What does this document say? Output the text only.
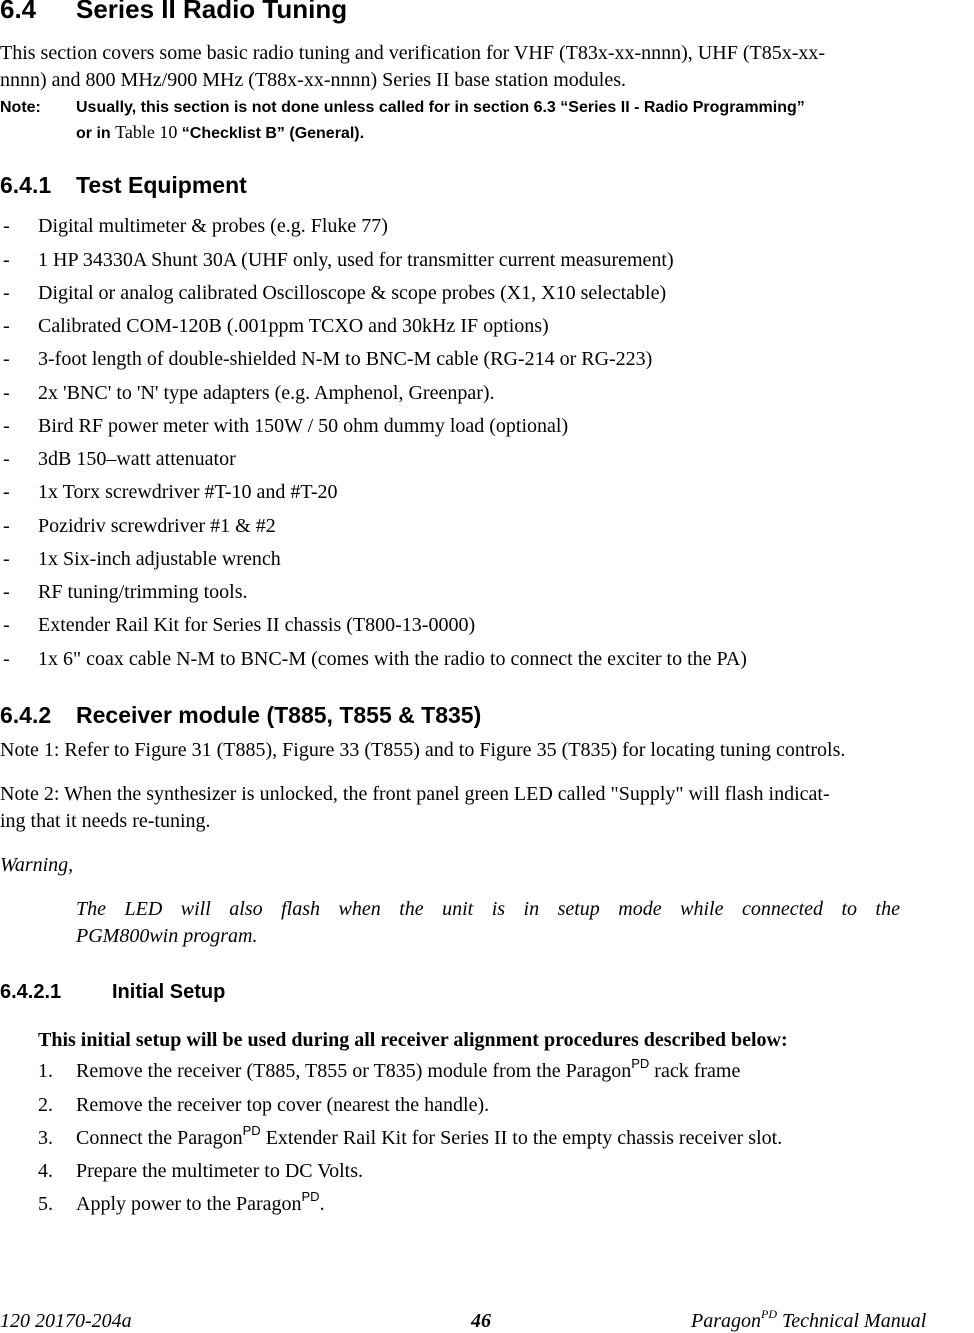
6.4 Series II Radio Tuning
This section covers some basic radio tuning and verification for VHF (T83x-xx-nnnn), UHF (T85x-xx-
nnnn) and 800 MHz/900 MHz (T88x-xx-nnnn) Series II base station modules.
Note: Usually, this section is not done unless called for in section 6.3 “Series II - Radio Programming”
or in Table 10 “Checklist B” (General).
6.4.1 Test Equipment
- Digital multimeter & probes (e.g. Fluke 77)
- 1 HP 34330A Shunt 30A (UHF only, used for transmitter current measurement)
- Digital or analog calibrated Oscilloscope & scope probes (X1, X10 selectable)
- Calibrated COM-120B (.001ppm TCXO and 30kHz IF options)
- 3-foot length of double-shielded N-M to BNC-M cable (RG-214 or RG-223)
- 2x 'BNC' to 'N' type adapters (e.g. Amphenol, Greenpar).
- Bird RF power meter with 150W / 50 ohm dummy load (optional)
- 3dB 150–watt attenuator
- 1x Torx screwdriver #T-10 and #T-20
- Pozidriv screwdriver #1 & #2
- 1x Six-inch adjustable wrench
- RF tuning/trimming tools.
- Extender Rail Kit for Series II chassis (T800-13-0000)
- 1x 6" coax cable N-M to BNC-M (comes with the radio to connect the exciter to the PA)
6.4.2 Receiver module (T885, T855 & T835)
Note 1: Refer to Figure 31 (T885), Figure 33 (T855) and to Figure 35 (T835) for locating tuning controls.
Note 2: When the synthesizer is unlocked, the front panel green LED called "Supply" will flash indicat-
ing that it needs re-tuning.
Warning,
The LED will also flash when the unit is in setup mode while connected to the
PGM800win program.
6.4.2.1	Initial Setup
This initial setup will be used during all receiver alignment procedures described below:
1. Remove the receiver (T885, T855 or T835) module from the Paragon$^{PD}$ rack frame
2. Remove the receiver top cover (nearest the handle).
3. Connect the Paragon$^{PD}$ Extender Rail Kit for Series II to the empty chassis receiver slot.
4. Prepare the multimeter to DC Volts.
5. Apply power to the Paragon$^{PD}$.
120 20170-204a	46	Paragon$^{PD}$ Technical Manual
